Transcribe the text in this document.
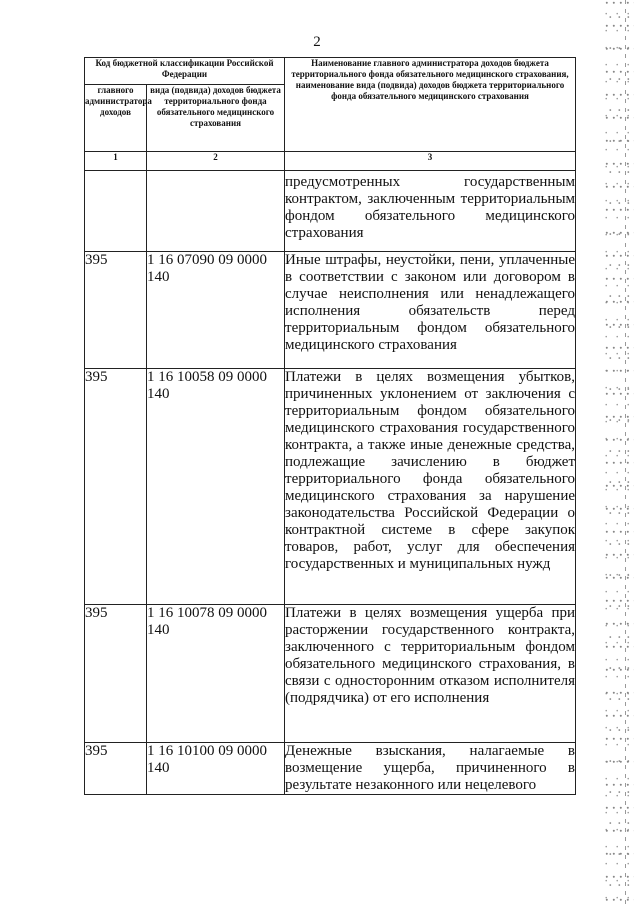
2
Код бюджетной классификации Российской Федерации		Наименование главного администратора доходов бюджета территориального фонда обязательного медицинского страхования, наименование вида (подвида) доходов бюджета территориального фонда обязательного медицинского страхования
главного администратора доходов	вида (подвида) доходов бюджета территориального фонда обязательного медицинского страхования	
1	2	3
		предусмотренных государственным контрактом, заключенным территориальным фондом обязательного медицинского страхования
395	1 16 07090 09 0000 140	Иные штрафы, неустойки, пени, уплаченные в соответствии с законом или договором в случае неисполнения или ненадлежащего исполнения обязательств перед территориальным фондом обязательного медицинского страхования
395	1 16 10058 09 0000 140	Платежи в целях возмещения убытков, причиненных уклонением от заключения с территориальным фондом обязательного медицинского страхования государственного контракта, а также иные денежные средства, подлежащие зачислению в бюджет территориального фонда обязательного медицинского страхования за нарушение законодательства Российской Федерации о контрактной системе в сфере закупок товаров, работ, услуг для обеспечения государственных и муниципальных нужд
395	1 16 10078 09 0000 140	Платежи в целях возмещения ущерба при расторжении государственного контракта, заключенного с территориальным фондом обязательного медицинского страхования, в связи с односторонним отказом исполнителя (подрядчика) от его исполнения
395	1 16 10100 09 0000 140	Денежные взыскания, налагаемые в возмещение ущерба, причиненного в результате незаконного или нецелевого
